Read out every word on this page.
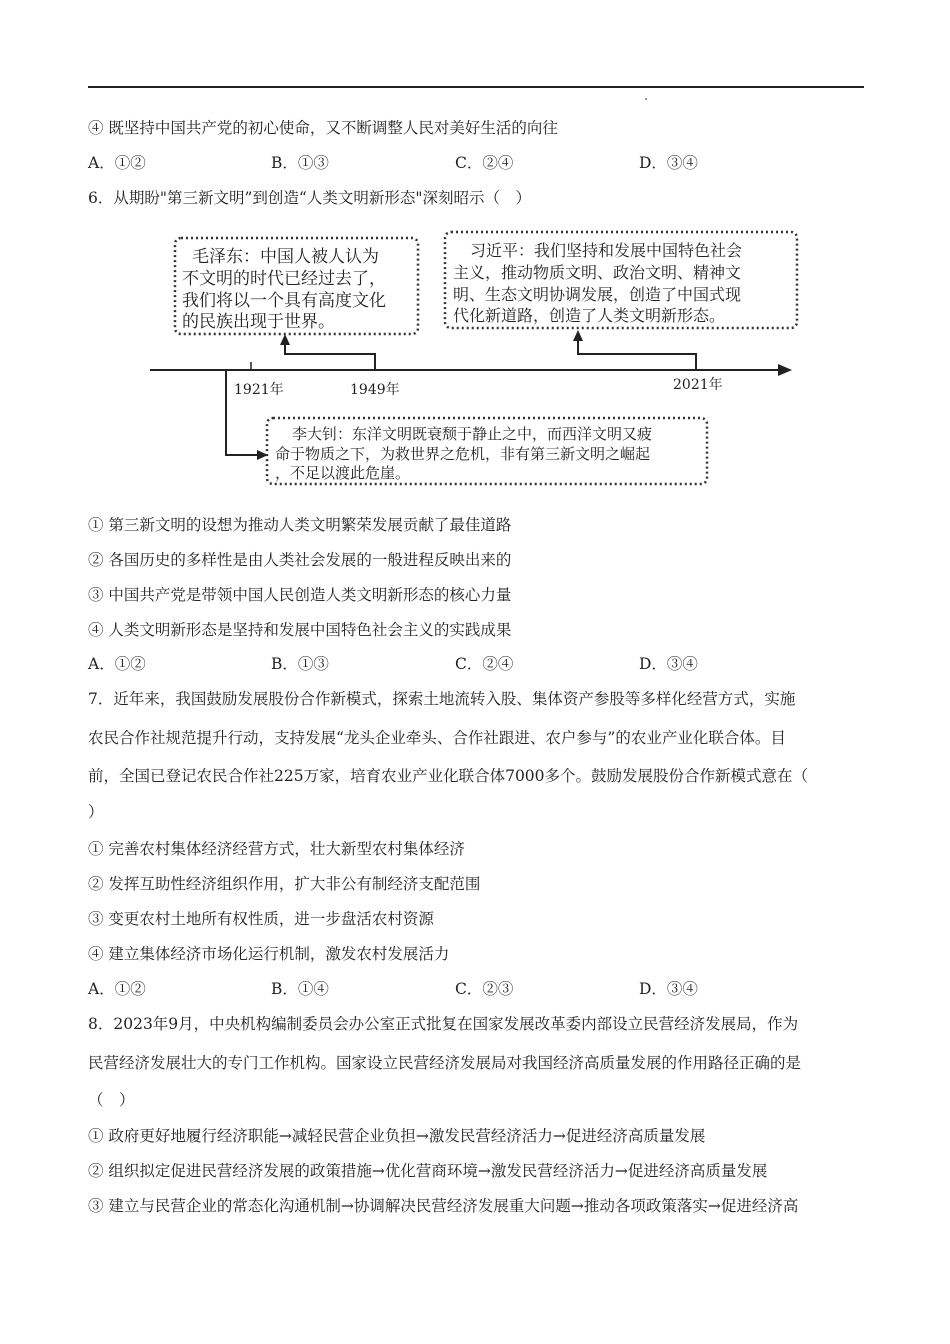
④ 既坚持中国共产党的初心使命，又不断调整人民对美好生活的向往
A．①②	B．①③	C．②④	D．③④
6．从期盼"第三新文明”到创造“人类文明新形态"深刻昭示（　）
1921年	1949年	2021年
毛泽东：中国人被人认为
不文明的时代已经过去了，
我们将以一个具有高度文化
的民族出现于世界。
习近平：我们坚持和发展中国特色社会
主义，推动物质文明、政治文明、精神文
明、生态文明协调发展，创造了中国式现
代化新道路，创造了人类文明新形态。
李大钊：东洋文明既衰颓于静止之中，而西洋文明又疲
命于物质之下，为救世界之危机，非有第三新文明之崛起
，不足以渡此危崖。
① 第三新文明的设想为推动人类文明繁荣发展贡献了最佳道路
② 各国历史的多样性是由人类社会发展的一般进程反映出来的
③ 中国共产党是带领中国人民创造人类文明新形态的核心力量
④ 人类文明新形态是坚持和发展中国特色社会主义的实践成果
A．①②	B．①③	C．②④	D．③④
7．近年来，我国鼓励发展股份合作新模式，探索土地流转入股、集体资产参股等多样化经营方式，实施
农民合作社规范提升行动，支持发展“龙头企业牵头、合作社跟进、农户参与”的农业产业化联合体。目
前，全国已登记农民合作社225万家，培育农业产业化联合体7000多个。鼓励发展股份合作新模式意在（
）
① 完善农村集体经济经营方式，壮大新型农村集体经济
② 发挥互助性经济组织作用，扩大非公有制经济支配范围
③ 变更农村土地所有权性质，进一步盘活农村资源
④ 建立集体经济市场化运行机制，激发农村发展活力
A．①②	B．①④	C．②③	D．③④
8．2023年9月，中央机构编制委员会办公室正式批复在国家发展改革委内部设立民营经济发展局，作为
民营经济发展壮大的专门工作机构。国家设立民营经济发展局对我国经济高质量发展的作用路径正确的是
（　）
① 政府更好地履行经济职能→减轻民营企业负担→激发民营经济活力→促进经济高质量发展
② 组织拟定促进民营经济发展的政策措施→优化营商环境→激发民营经济活力→促进经济高质量发展
③ 建立与民营企业的常态化沟通机制→协调解决民营经济发展重大问题→推动各项政策落实→促进经济高
